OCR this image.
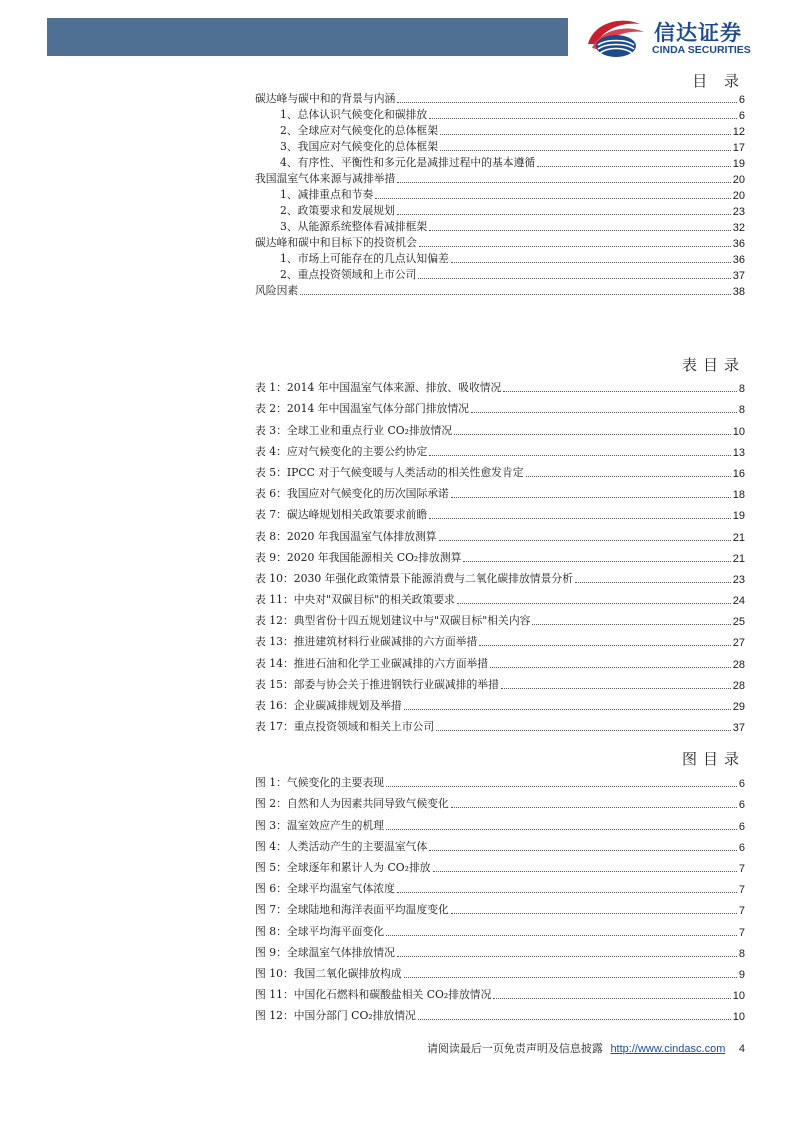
信达证券
CINDA SECURITIES
目 录
碳达峰与碳中和的背景与内涵	6
1、总体认识气候变化和碳排放	6
2、全球应对气候变化的总体框架	12
3、我国应对气候变化的总体框架	17
4、有序性、平衡性和多元化是减排过程中的基本遵循	19
我国温室气体来源与减排举措	20
1、减排重点和节奏	20
2、政策要求和发展规划	23
3、从能源系统整体看减排框架	32
碳达峰和碳中和目标下的投资机会	36
1、市场上可能存在的几点认知偏差	36
2、重点投资领域和上市公司	37
风险因素	38
表目录
表 1：2014 年中国温室气体来源、排放、吸收情况	8
表 2：2014 年中国温室气体分部门排放情况	8
表 3：全球工业和重点行业 CO₂排放情况	10
表 4：应对气候变化的主要公约协定	13
表 5：IPCC 对于气候变暖与人类活动的相关性愈发肯定	16
表 6：我国应对气候变化的历次国际承诺	18
表 7：碳达峰规划相关政策要求前瞻	19
表 8：2020 年我国温室气体排放测算	21
表 9：2020 年我国能源相关 CO₂排放测算	21
表 10：2030 年强化政策情景下能源消费与二氧化碳排放情景分析	23
表 11：中央对"双碳目标"的相关政策要求	24
表 12：典型省份十四五规划建议中与"双碳目标"相关内容	25
表 13：推进建筑材料行业碳减排的六方面举措	27
表 14：推进石油和化学工业碳减排的六方面举措	28
表 15：部委与协会关于推进钢铁行业碳减排的举措	28
表 16：企业碳减排规划及举措	29
表 17：重点投资领域和相关上市公司	37
图目录
图 1：气候变化的主要表现	6
图 2：自然和人为因素共同导致气候变化	6
图 3：温室效应产生的机理	6
图 4：人类活动产生的主要温室气体	6
图 5：全球逐年和累计人为 CO₂排放	7
图 6：全球平均温室气体浓度	7
图 7：全球陆地和海洋表面平均温度变化	7
图 8：全球平均海平面变化	7
图 9：全球温室气体排放情况	8
图 10：我国二氧化碳排放构成	9
图 11：中国化石燃料和碳酸盐相关 CO₂排放情况	10
图 12：中国分部门 CO₂排放情况	10
请阅读最后一页免责声明及信息披露 http://www.cindasc.com 4
